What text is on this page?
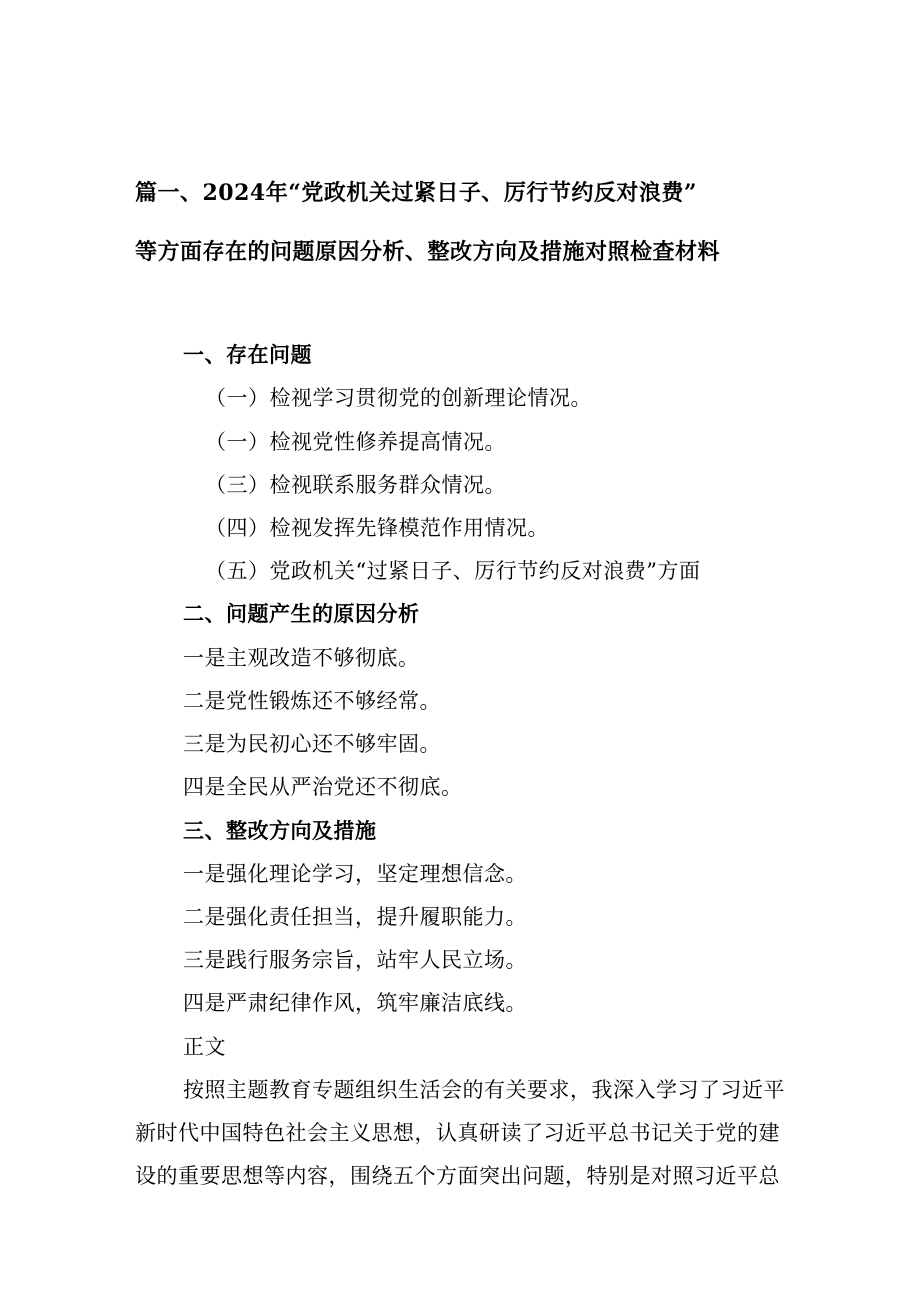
篇一、2024年“党政机关过紧日子、厉行节约反对浪费”
等方面存在的问题原因分析、整改方向及措施对照检查材料
一、存在问题
（一）检视学习贯彻党的创新理论情况。
（一）检视党性修养提高情况。
（三）检视联系服务群众情况。
（四）检视发挥先锋模范作用情况。
（五）党政机关“过紧日子、厉行节约反对浪费”方面
二、问题产生的原因分析
一是主观改造不够彻底。
二是党性锻炼还不够经常。
三是为民初心还不够牢固。
四是全民从严治党还不彻底。
三、整改方向及措施
一是强化理论学习，坚定理想信念。
二是强化责任担当，提升履职能力。
三是践行服务宗旨，站牢人民立场。
四是严肃纪律作风，筑牢廉洁底线。
正文
按照主题教育专题组织生活会的有关要求，我深入学习了习近平
新时代中国特色社会主义思想，认真研读了习近平总书记关于党的建
设的重要思想等内容，围绕五个方面突出问题，特别是对照习近平总
